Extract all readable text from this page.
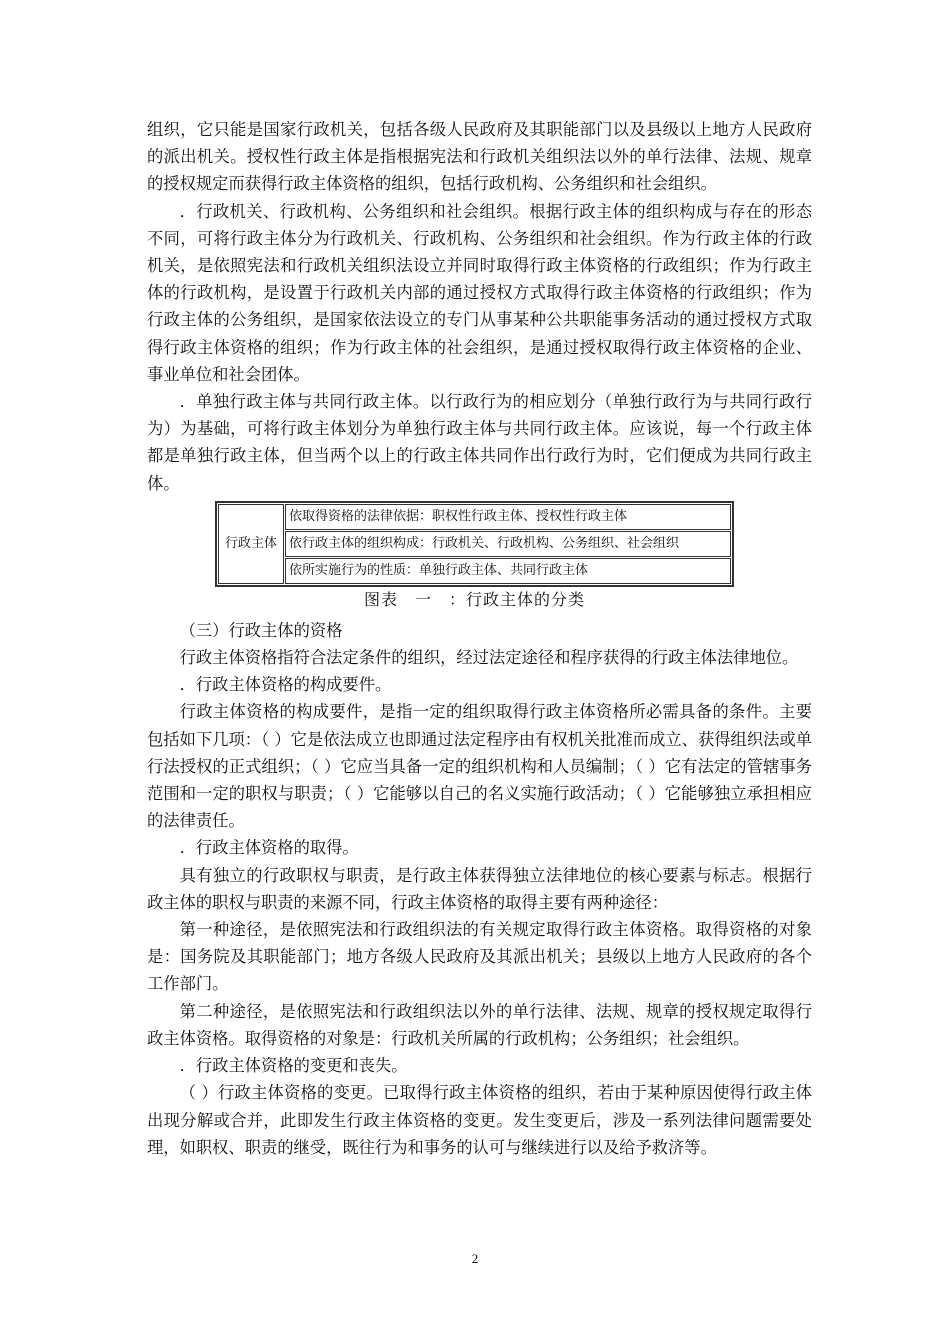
组织，它只能是国家行政机关，包括各级人民政府及其职能部门以及县级以上地方人民政府的派出机关。授权性行政主体是指根据宪法和行政机关组织法以外的单行法律、法规、规章的授权规定而获得行政主体资格的组织，包括行政机构、公务组织和社会组织。

．行政机关、行政机构、公务组织和社会组织。根据行政主体的组织构成与存在的形态不同，可将行政主体分为行政机关、行政机构、公务组织和社会组织。作为行政主体的行政机关，是依照宪法和行政机关组织法设立并同时取得行政主体资格的行政组织；作为行政主体的行政机构，是设置于行政机关内部的通过授权方式取得行政主体资格的行政组织；作为行政主体的公务组织，是国家依法设立的专门从事某种公共职能事务活动的通过授权方式取得行政主体资格的组织；作为行政主体的社会组织，是通过授权取得行政主体资格的企业、事业单位和社会团体。

．单独行政主体与共同行政主体。以行政行为的相应划分（单独行政行为与共同行政行为）为基础，可将行政主体划分为单独行政主体与共同行政主体。应该说，每一个行政主体都是单独行政主体，但当两个以上的行政主体共同作出行政行为时，它们便成为共同行政主体。

行政主体	依取得资格的法律依据：职权性行政主体、授权性行政主体
依行政主体的组织构成：行政机关、行政机构、公务组织、社会组织
依所实施行为的性质：单独行政主体、共同行政主体
图表　一　：行政主体的分类

（三）行政主体的资格

行政主体资格指符合法定条件的组织，经过法定途径和程序获得的行政主体法律地位。

．行政主体资格的构成要件。

行政主体资格的构成要件，是指一定的组织取得行政主体资格所必需具备的条件。主要包括如下几项：（ ）它是依法成立也即通过法定程序由有权机关批准而成立、获得组织法或单行法授权的正式组织；（ ）它应当具备一定的组织机构和人员编制；（ ）它有法定的管辖事务范围和一定的职权与职责；（ ）它能够以自己的名义实施行政活动；（ ）它能够独立承担相应的法律责任。

．行政主体资格的取得。

具有独立的行政职权与职责，是行政主体获得独立法律地位的核心要素与标志。根据行政主体的职权与职责的来源不同，行政主体资格的取得主要有两种途径：

第一种途径，是依照宪法和行政组织法的有关规定取得行政主体资格。取得资格的对象是：国务院及其职能部门；地方各级人民政府及其派出机关；县级以上地方人民政府的各个工作部门。

第二种途径，是依照宪法和行政组织法以外的单行法律、法规、规章的授权规定取得行政主体资格。取得资格的对象是：行政机关所属的行政机构；公务组织；社会组织。

．行政主体资格的变更和丧失。

（ ）行政主体资格的变更。已取得行政主体资格的组织，若由于某种原因使得行政主体出现分解或合并，此即发生行政主体资格的变更。发生变更后，涉及一系列法律问题需要处理，如职权、职责的继受，既往行为和事务的认可与继续进行以及给予救济等。

2
